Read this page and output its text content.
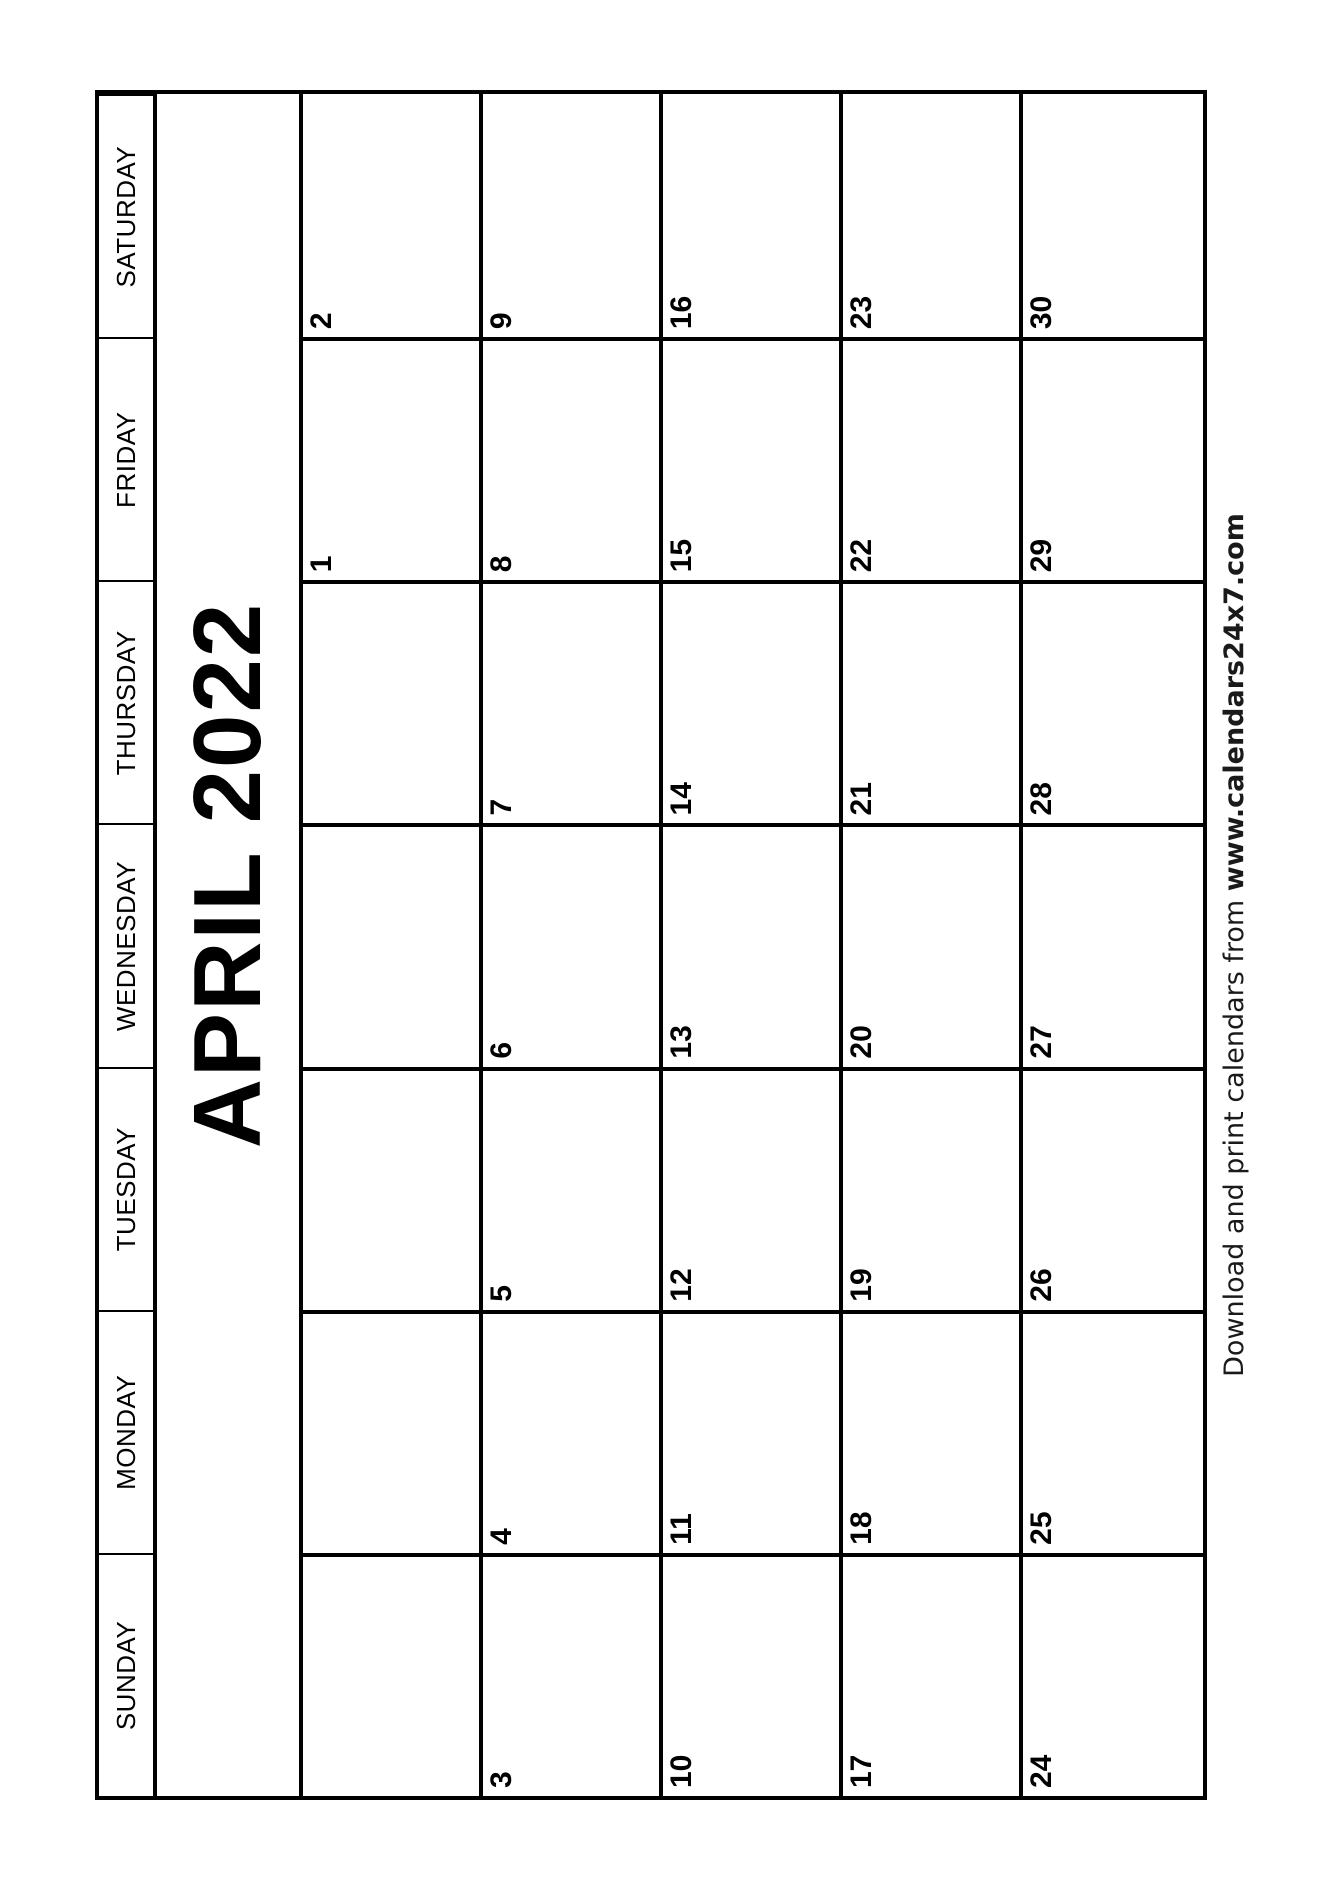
SUNDAY
MONDAY
TUESDAY
WEDNESDAY
THURSDAY
FRIDAY
SATURDAY
APRIL 2022
1
2
3
4
5
6
7
8
9
10
11
12
13
14
15
16
17
18
19
20
21
22
23
24
25
26
27
28
29
30
Download and print calendars from www.calendars24x7.com
